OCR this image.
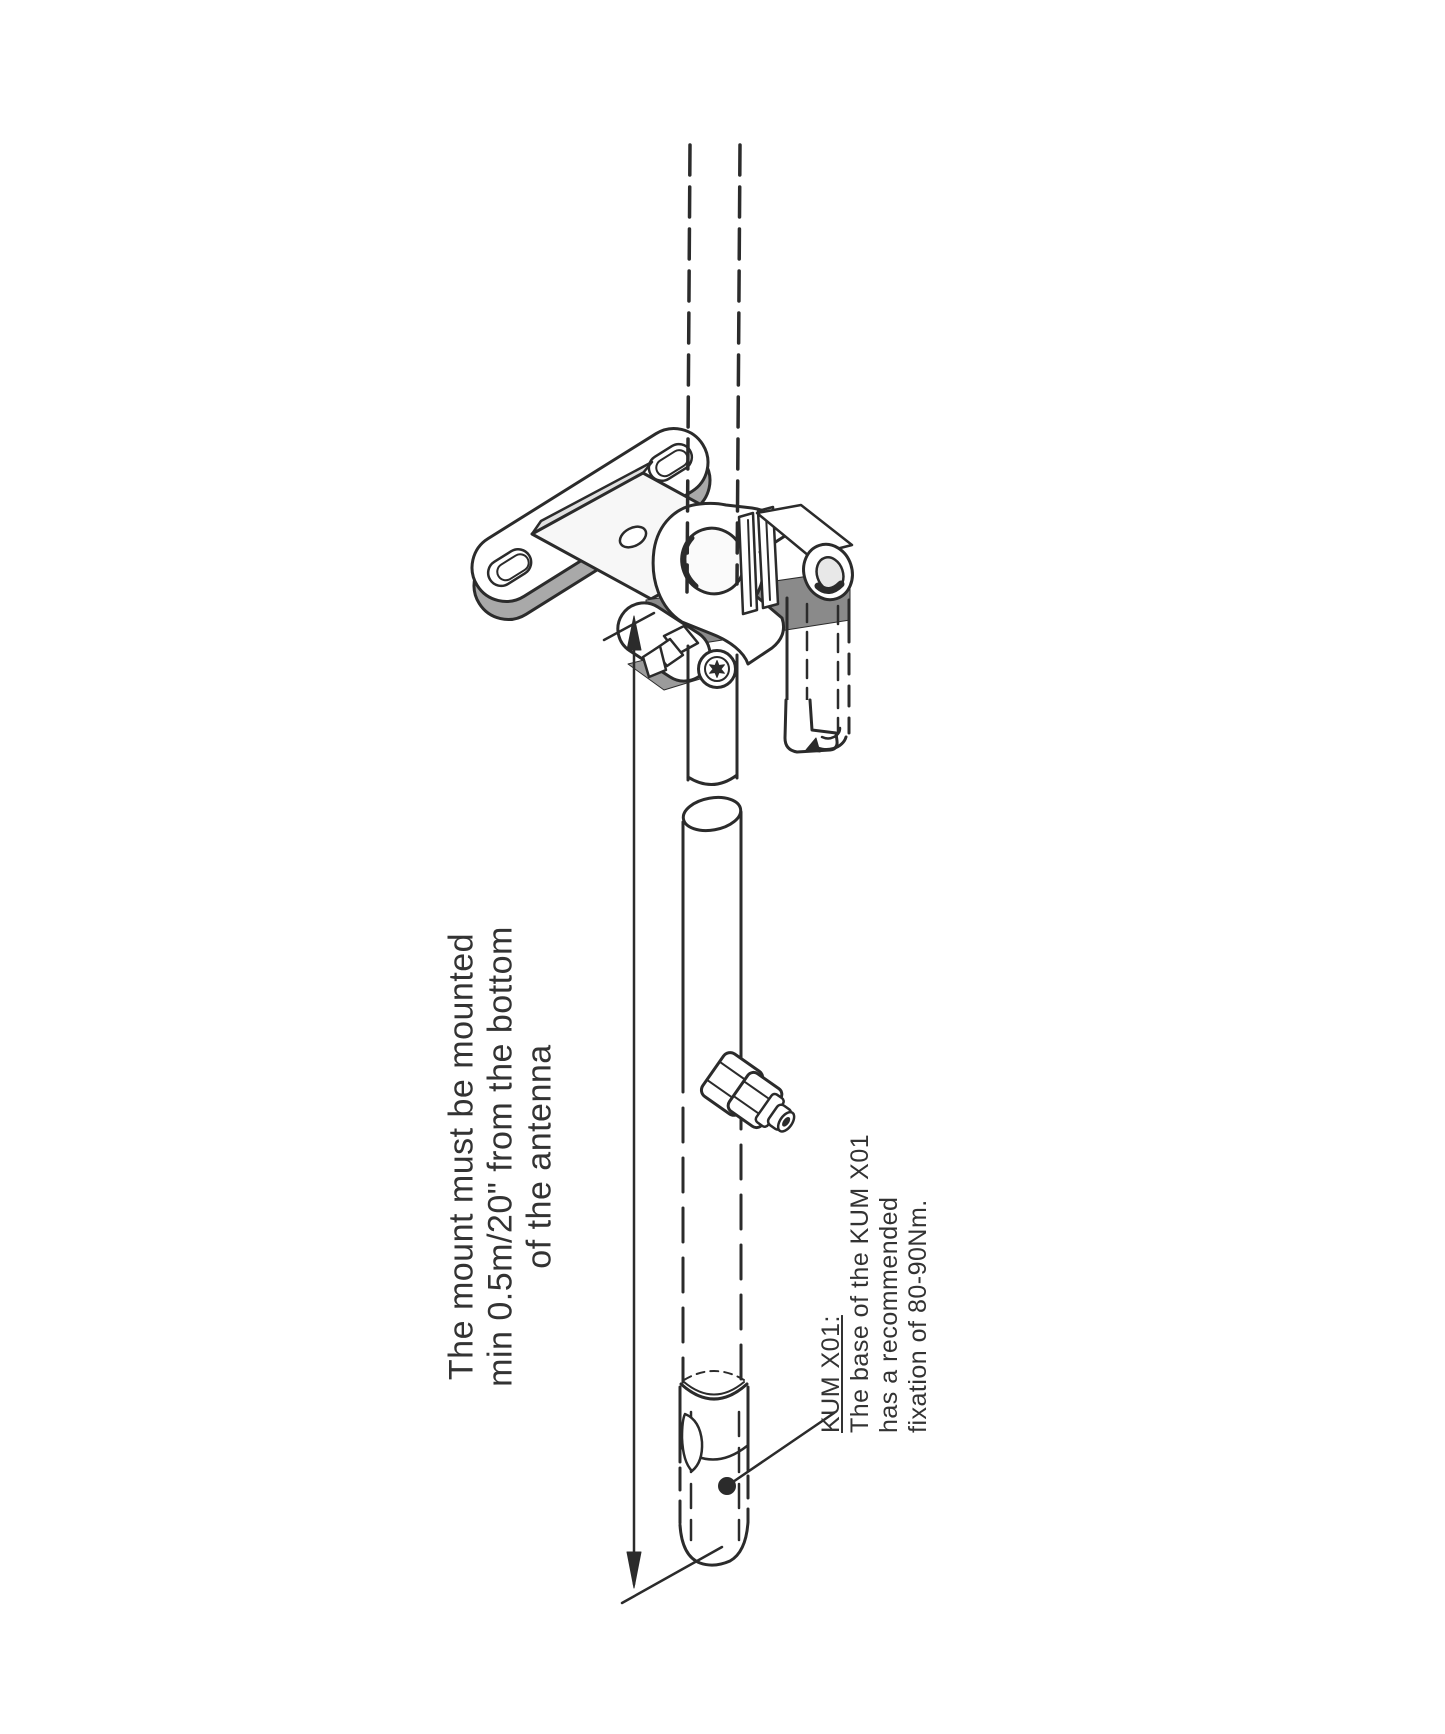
The mount must be mounted min 0.5m/20" from the bottom of the antenna
KUM X01: The base of the KUM X01 has a recommended fixation of 80-90Nm.
